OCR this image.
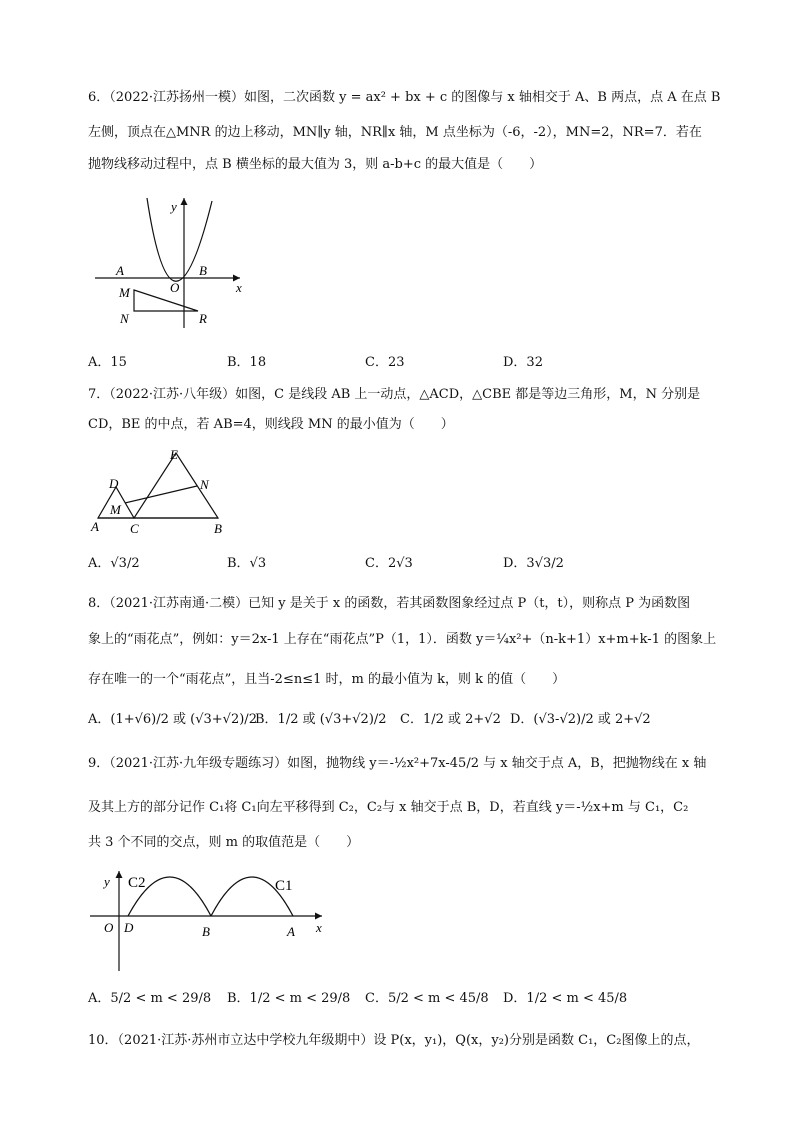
6．（2022·江苏扬州一模）如图，二次函数 y = ax² + bx + c 的图像与 x 轴相交于 A、B 两点，点 A 在点 B
左侧，顶点在△MNR 的边上移动，MN∥y 轴，NR∥x 轴，M 点坐标为（-6，-2），MN=2，NR=7．若在
抛物线移动过程中，点 B 横坐标的最大值为 3，则 a-b+c 的最大值是（　　）
y
x
A	B
O
M
N	R
A．15	B．18	C．23	D．32
7．（2022·江苏·八年级）如图，C 是线段 AB 上一动点，△ACD，△CBE 都是等边三角形，M，N 分别是
CD，BE 的中点，若 AB=4，则线段 MN 的最小值为（　　）
E
D	N
M
A C	B
A．√3/2	B．√3	C．2√3	D．3√3/2
8．（2021·江苏南通·二模）已知 y 是关于 x 的函数，若其函数图象经过点 P（t，t），则称点 P 为函数图
象上的“雨花点”，例如：y＝2x-1 上存在“雨花点”P（1，1）．函数 y＝¼x²+（n-k+1）x+m+k-1 的图象上
存在唯一的一个“雨花点”，且当-2≤n≤1 时，m 的最小值为 k，则 k 的值（　　）
A．(1+√6)/2 或 (√3+√2)/2
B．1/2 或 (√3+√2)/2 C．1/2 或 2+√2 D．(√3-√2)/2 或 2+√2
9．（2021·江苏·九年级专题练习）如图，抛物线 y＝-½x²+7x-45/2 与 x 轴交于点 A，B，把抛物线在 x 轴
及其上方的部分记作 C₁将 C₁向左平移得到 C₂，C₂与 x 轴交于点 B，D，若直线 y＝-½x+m 与 C₁，C₂
共 3 个不同的交点，则 m 的取值范是（　　）
y C2	C1
O D	B	A x
A．5/2 < m < 29/8 B．1/2 < m < 29/8 C．5/2 < m < 45/8 D．1/2 < m < 45/8
10．（2021·江苏·苏州市立达中学校九年级期中）设 P(x，y₁)，Q(x，y₂)分别是函数 C₁，C₂图像上的点，
